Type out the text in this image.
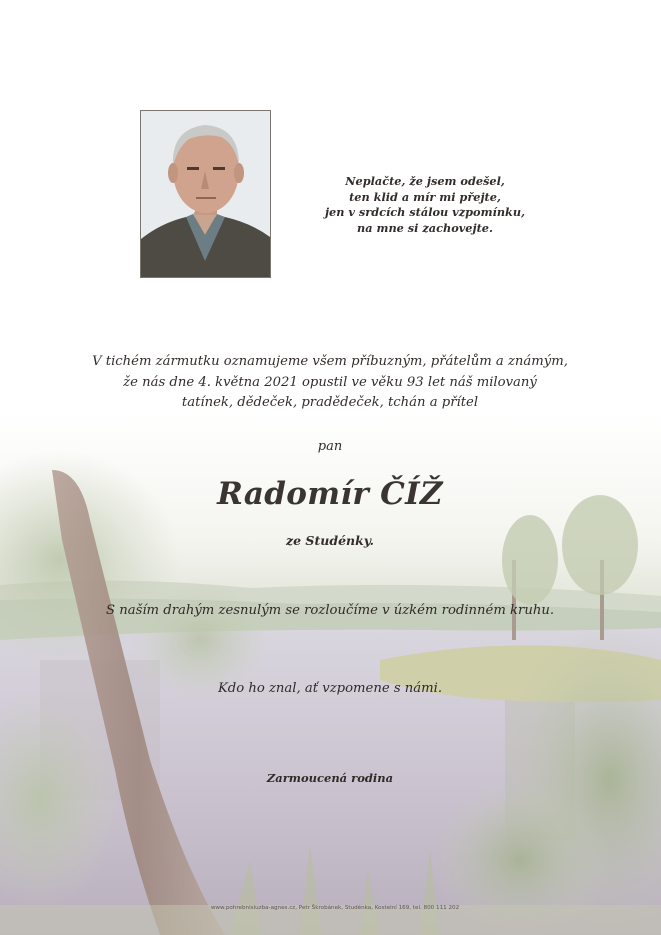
Neplačte, že jsem odešel,
ten klid a mír mi přejte,
jen v srdcích stálou vzpomínku,
na mne si zachovejte.
V tichém zármutku oznamujeme všem příbuzným, přátelům a známým,
že nás dne 4. května 2021 opustil ve věku 93 let náš milovaný
tatínek, dědeček, pradědeček, tchán a přítel
pan
Radomír ČÍŽ
ze Studénky.
S naším drahým zesnulým se rozloučíme v úzkém rodinném kruhu.
Kdo ho znal, ať vzpomene s námi.
Zarmoucená rodina
www.pohrebnisluzba-agnes.cz, Petr Škrobánek, Studénka, Kostelní 169, tel. 800 111 202
